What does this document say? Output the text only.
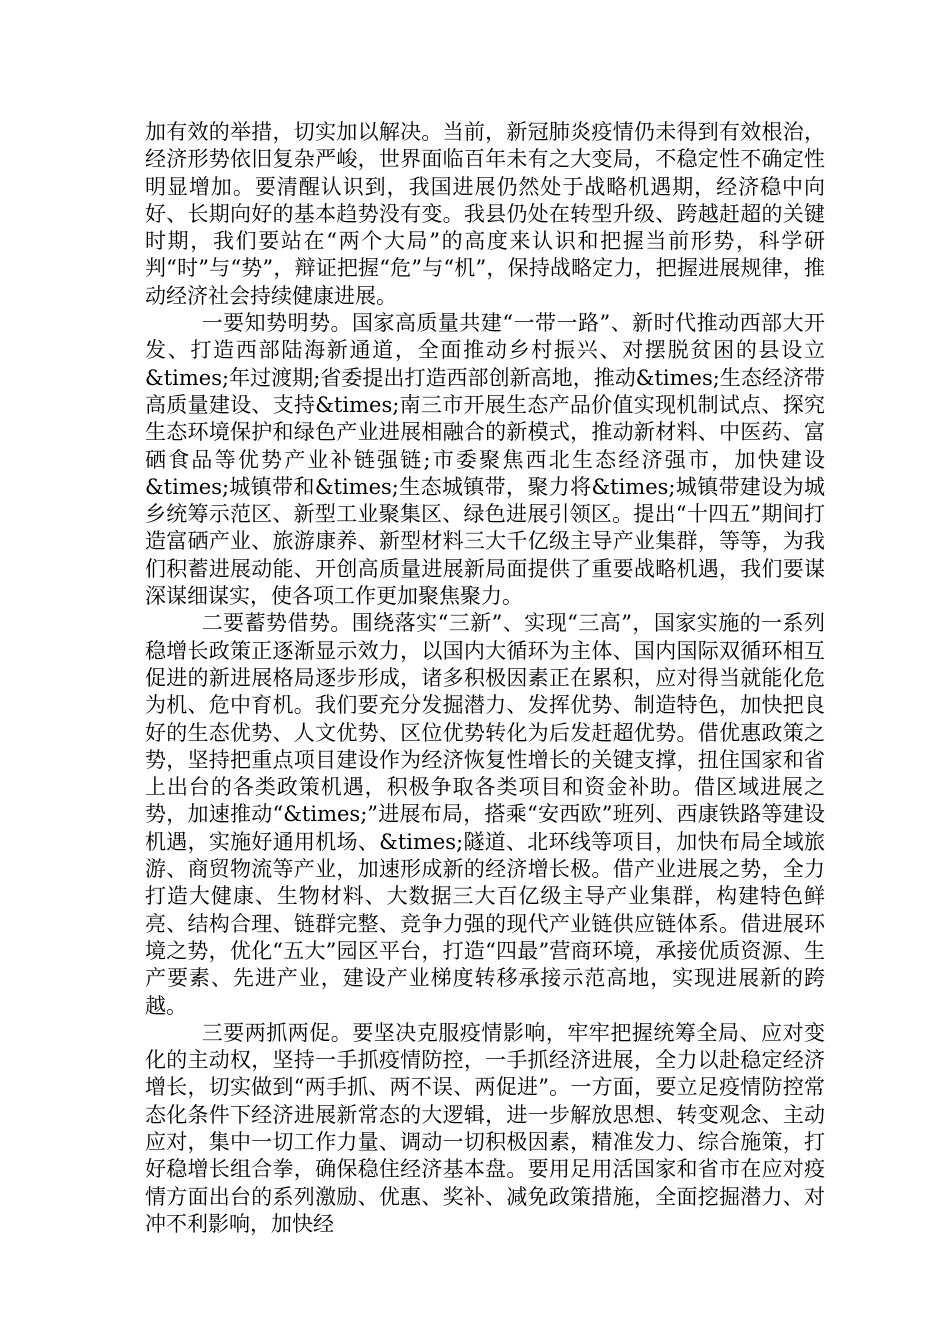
加有效的举措，切实加以解决。当前，新冠肺炎疫情仍未得到有效根治，经济形势依旧复杂严峻，世界面临百年未有之大变局，不稳定性不确定性明显增加。要清醒认识到，我国进展仍然处于战略机遇期，经济稳中向好、长期向好的基本趋势没有变。我县仍处在转型升级、跨越赶超的关键时期，我们要站在“两个大局”的高度来认识和把握当前形势，科学研判“时”与“势”，辩证把握“危”与“机”，保持战略定力，把握进展规律，推动经济社会持续健康进展。

一要知势明势。国家高质量共建“一带一路”、新时代推动西部大开发、打造西部陆海新通道，全面推动乡村振兴、对摆脱贫困的县设立&times;年过渡期;省委提出打造西部创新高地，推动&times;生态经济带高质量建设、支持&times;南三市开展生态产品价值实现机制试点、探究生态环境保护和绿色产业进展相融合的新模式，推动新材料、中医药、富硒食品等优势产业补链强链;市委聚焦西北生态经济强市，加快建设&times;城镇带和&times;生态城镇带，聚力将&times;城镇带建设为城乡统筹示范区、新型工业聚集区、绿色进展引领区。提出“十四五”期间打造富硒产业、旅游康养、新型材料三大千亿级主导产业集群，等等，为我们积蓄进展动能、开创高质量进展新局面提供了重要战略机遇，我们要谋深谋细谋实，使各项工作更加聚焦聚力。

二要蓄势借势。围绕落实“三新”、实现“三高”，国家实施的一系列稳增长政策正逐渐显示效力，以国内大循环为主体、国内国际双循环相互促进的新进展格局逐步形成，诸多积极因素正在累积，应对得当就能化危为机、危中育机。我们要充分发掘潜力、发挥优势、制造特色，加快把良好的生态优势、人文优势、区位优势转化为后发赶超优势。借优惠政策之势，坚持把重点项目建设作为经济恢复性增长的关键支撑，扭住国家和省上出台的各类政策机遇，积极争取各类项目和资金补助。借区域进展之势，加速推动“&times;”进展布局，搭乘“安西欧”班列、西康铁路等建设机遇，实施好通用机场、&times;隧道、北环线等项目，加快布局全域旅游、商贸物流等产业，加速形成新的经济增长极。借产业进展之势，全力打造大健康、生物材料、大数据三大百亿级主导产业集群，构建特色鲜亮、结构合理、链群完整、竞争力强的现代产业链供应链体系。借进展环境之势，优化“五大”园区平台，打造“四最”营商环境，承接优质资源、生产要素、先进产业，建设产业梯度转移承接示范高地，实现进展新的跨越。

三要两抓两促。要坚决克服疫情影响，牢牢把握统筹全局、应对变化的主动权，坚持一手抓疫情防控，一手抓经济进展，全力以赴稳定经济增长，切实做到“两手抓、两不误、两促进”。一方面，要立足疫情防控常态化条件下经济进展新常态的大逻辑，进一步解放思想、转变观念、主动应对，集中一切工作力量、调动一切积极因素，精准发力、综合施策，打好稳增长组合拳，确保稳住经济基本盘。要用足用活国家和省市在应对疫情方面出台的系列激励、优惠、奖补、减免政策措施，全面挖掘潜力、对冲不利影响，加快经
